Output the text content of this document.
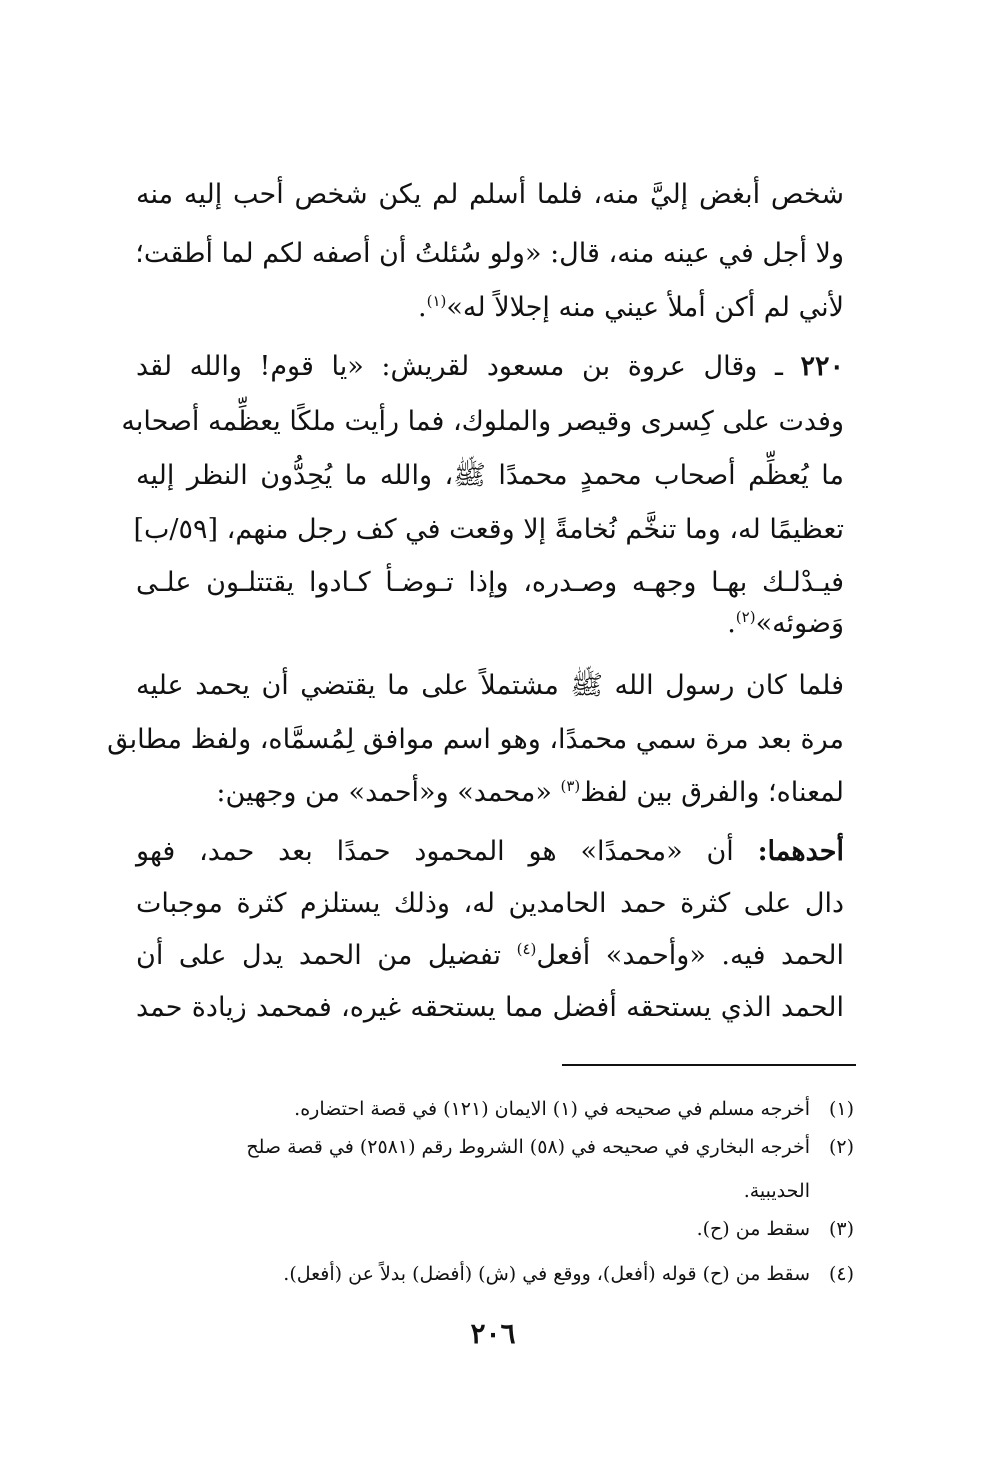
شخص أبغض إليَّ منه، فلما أسلم لم يكن شخص أحب إليه منه
ولا أجل في عينه منه، قال: «ولو سُئلتُ أن أصفه لكم لما أطقت؛
لأني لم أكن أملأ عيني منه إجلالاً له»$^{(١)}$.
٢٢٠ ـ وقال عروة بن مسعود لقريش: «يا قوم! والله لقد
وفدت على كِسرى وقيصر والملوك، فما رأيت ملكًا يعظِّمه أصحابه
ما يُعظِّم أصحاب محمدٍ محمدًا ﷺ، والله ما يُحِدُّون النظر إليه
تعظيمًا له، وما تنخَّم نُخامةً إلا وقعت في كف رجل منهم، [٥٩/ب]
فيـدْلـك بهـا وجهـه وصـدره، وإذا تـوضـأ كـادوا يقتتلـون علـى
وَضوئه»$^{(٢)}$.
فلما كان رسول الله ﷺ مشتملاً على ما يقتضي أن يحمد عليه
مرة بعد مرة سمي محمدًا، وهو اسم موافق لِمُسمَّاه، ولفظ مطابق
لمعناه؛ والفرق بين لفظ$^{(٣)}$ «محمد» و«أحمد» من وجهين:
أحدهما: أن «محمدًا» هو المحمود حمدًا بعد حمد، فهو
دال على كثرة حمد الحامدين له، وذلك يستلزم كثرة موجبات
الحمد فيه. «وأحمد» أفعل$^{(٤)}$ تفضيل من الحمد يدل على أن
الحمد الذي يستحقه أفضل مما يستحقه غيره، فمحمد زيادة حمد
(١)أخرجه مسلم في صحيحه في (١) الايمان (١٢١) في قصة احتضاره.
(٢)أخرجه البخاري في صحيحه في (٥٨) الشروط رقم (٢٥٨١) في قصة صلح
الحديبية.
(٣)سقط من (ح).
(٤)سقط من (ح) قوله (أفعل)، ووقع في (ش) (أفضل) بدلاً عن (أفعل).
٢٠٦
